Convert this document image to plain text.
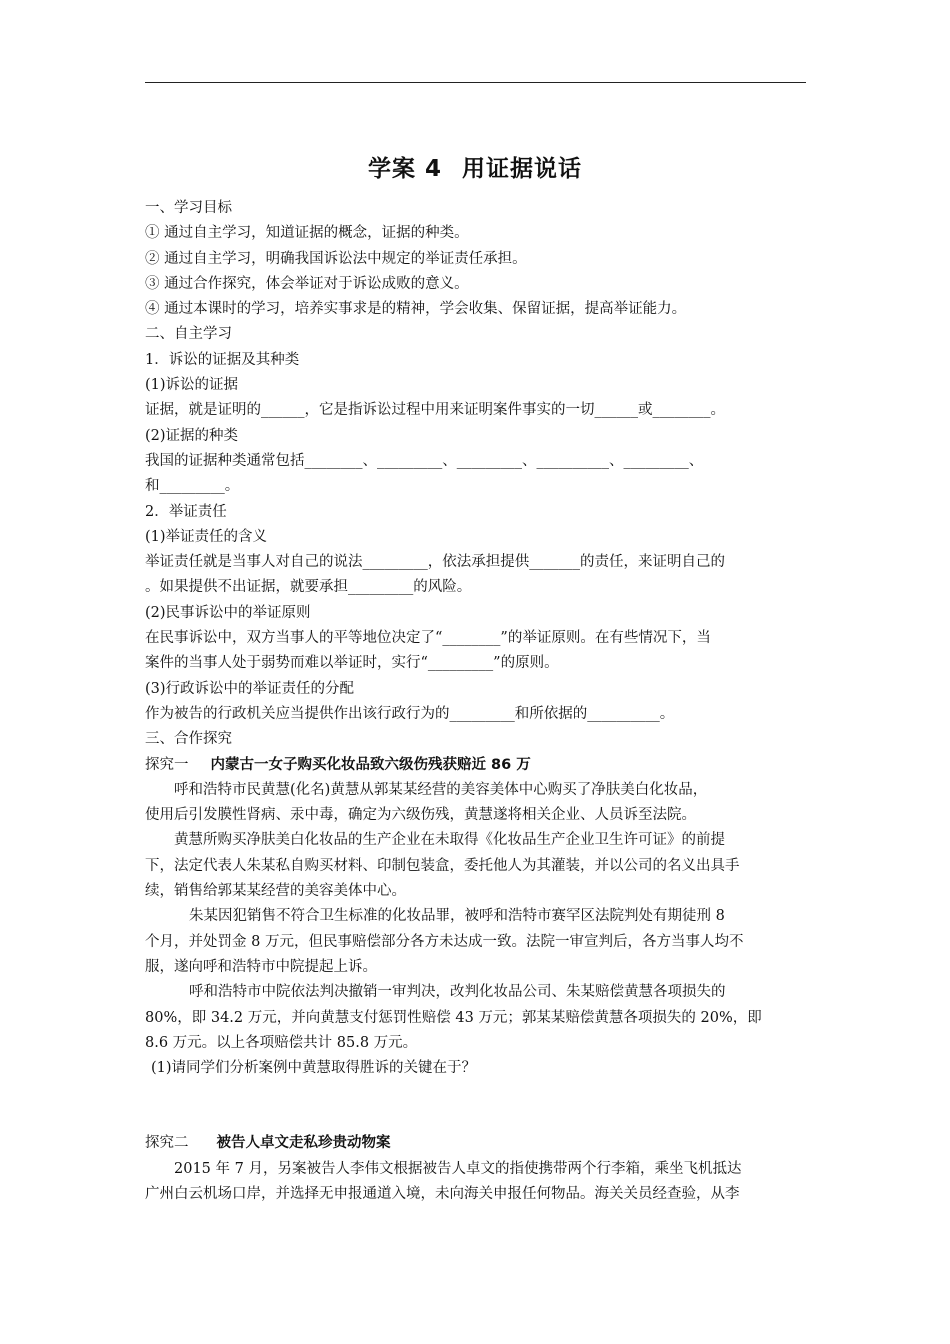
学案 4 用证据说话
一、学习目标
① 通过自主学习，知道证据的概念，证据的种类。
② 通过自主学习，明确我国诉讼法中规定的举证责任承担。
③ 通过合作探究，体会举证对于诉讼成败的意义。
④ 通过本课时的学习，培养实事求是的精神，学会收集、保留证据，提高举证能力。
二、自主学习
1．诉讼的证据及其种类
(1)诉讼的证据
证据，就是证明的______，它是指诉讼过程中用来证明案件事实的一切______或________。
(2)证据的种类
我国的证据种类通常包括________、_________、_________、__________、_________、
和_________。
2．举证责任
(1)举证责任的含义
举证责任就是当事人对自己的说法_________，依法承担提供_______的责任，来证明自己的
。如果提供不出证据，就要承担_________的风险。
(2)民事诉讼中的举证原则
在民事诉讼中，双方当事人的平等地位决定了“________”的举证原则。在有些情况下，当
案件的当事人处于弱势而难以举证时，实行“_________”的原则。
(3)行政诉讼中的举证责任的分配
作为被告的行政机关应当提供作出该行政行为的_________和所依据的__________。
三、合作探究
探究一 内蒙古一女子购买化妆品致六级伤残获赔近 86 万
呼和浩特市民黄慧(化名)黄慧从郭某某经营的美容美体中心购买了净肤美白化妆品，
使用后引发膜性肾病、汞中毒，确定为六级伤残，黄慧遂将相关企业、人员诉至法院。
黄慧所购买净肤美白化妆品的生产企业在未取得《化妆品生产企业卫生许可证》的前提
下，法定代表人朱某私自购买材料、印制包装盒，委托他人为其灌装，并以公司的名义出具手
续，销售给郭某某经营的美容美体中心。
朱某因犯销售不符合卫生标准的化妆品罪，被呼和浩特市赛罕区法院判处有期徒刑 8
个月，并处罚金 8 万元，但民事赔偿部分各方未达成一致。法院一审宣判后，各方当事人均不
服，遂向呼和浩特市中院提起上诉。
呼和浩特市中院依法判决撤销一审判决，改判化妆品公司、朱某赔偿黄慧各项损失的
80%，即 34.2 万元，并向黄慧支付惩罚性赔偿 43 万元；郭某某赔偿黄慧各项损失的 20%，即
8.6 万元。以上各项赔偿共计 85.8 万元。
(1)请同学们分析案例中黄慧取得胜诉的关键在于？
探究二 被告人卓文走私珍贵动物案
2015 年 7 月，另案被告人李伟文根据被告人卓文的指使携带两个行李箱，乘坐飞机抵达
广州白云机场口岸，并选择无申报通道入境，未向海关申报任何物品。海关关员经查验，从李
